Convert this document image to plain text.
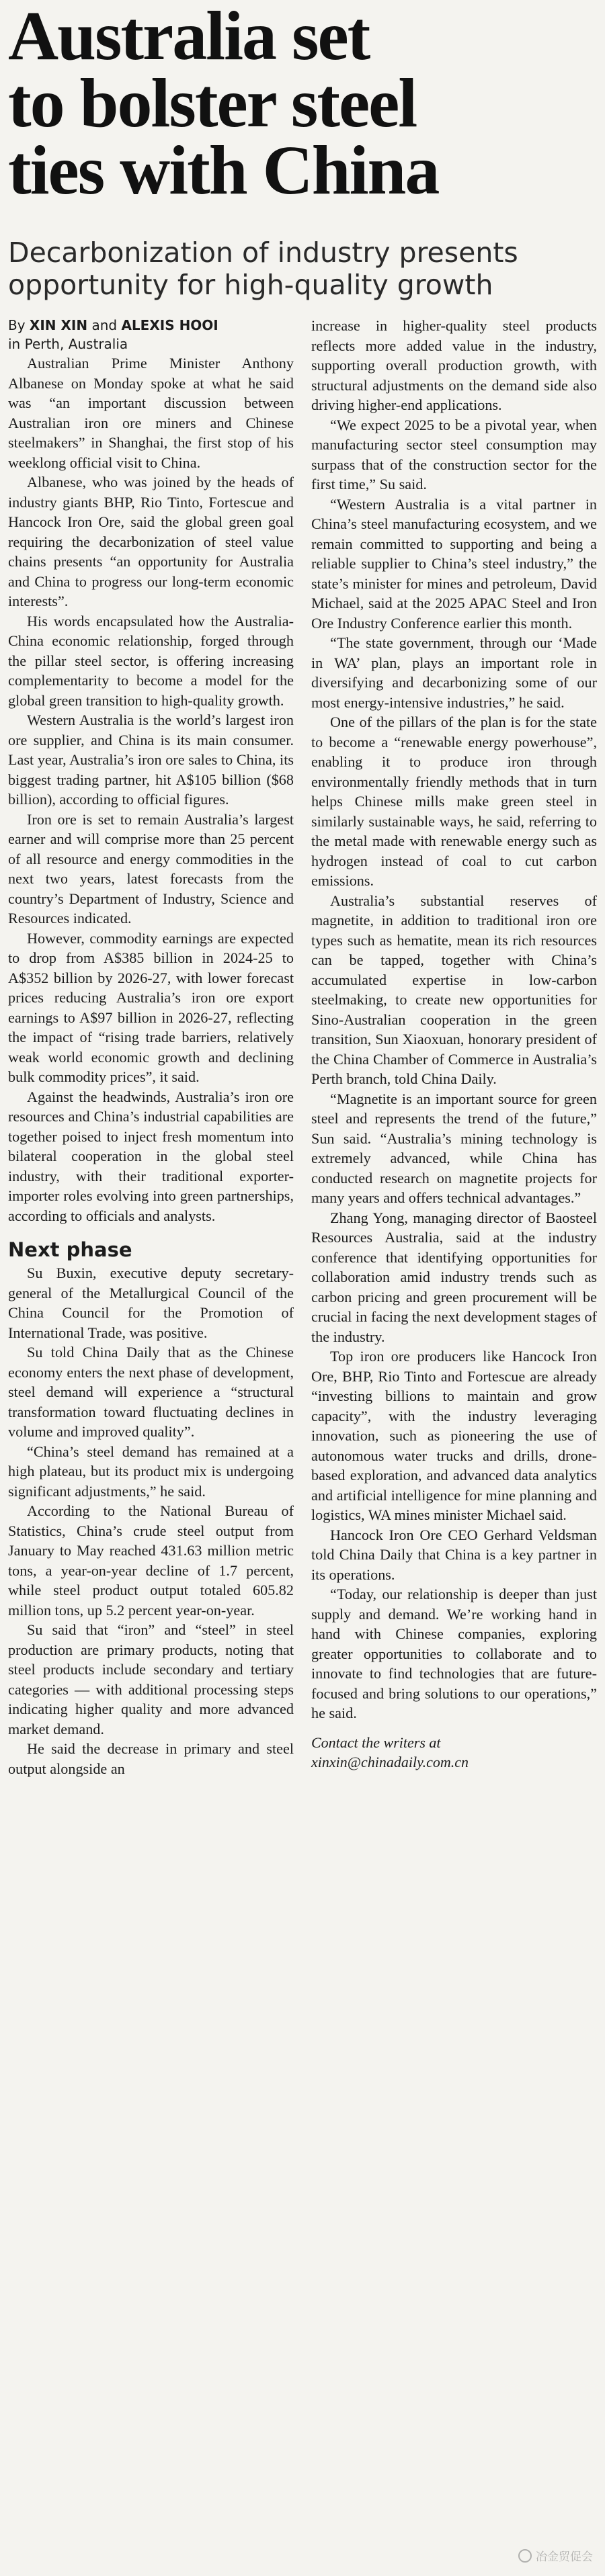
Australia set
to bolster steel
ties with China
Decarbonization of industry presents
opportunity for high-quality growth

By XIN XIN and ALEXIS HOOI

in Perth, Australia

Australian Prime Minister Anthony Albanese on Monday spoke at what he said was “an important discussion between Australian iron ore miners and Chinese steelmakers” in Shanghai, the first stop of his weeklong official visit to China.

Albanese, who was joined by the heads of industry giants BHP, Rio Tinto, Fortescue and Hancock Iron Ore, said the global green goal requiring the decarbonization of steel value chains presents “an opportunity for Australia and China to progress our long-term economic interests”.

His words encapsulated how the Australia-China economic relationship, forged through the pillar steel sector, is offering increasing complementarity to become a model for the global green transition to high-quality growth.

Western Australia is the world’s largest iron ore supplier, and China is its main consumer. Last year, Australia’s iron ore sales to China, its biggest trading partner, hit A$105 billion ($68 billion), according to official figures.

Iron ore is set to remain Australia’s largest earner and will comprise more than 25 percent of all resource and energy commodities in the next two years, latest forecasts from the country’s Department of Industry, Science and Resources indicated.

However, commodity earnings are expected to drop from A$385 billion in 2024-25 to A$352 billion by 2026-27, with lower forecast prices reducing Australia’s iron ore export earnings to A$97 billion in 2026-27, reflecting the impact of “rising trade barriers, relatively weak world economic growth and declining bulk commodity prices”, it said.

Against the headwinds, Australia’s iron ore resources and China’s industrial capabilities are together poised to inject fresh momentum into bilateral cooperation in the global steel industry, with their traditional exporter-importer roles evolving into green partnerships, according to officials and analysts.

Next phase

Su Buxin, executive deputy secretary-general of the Metallurgical Council of the China Council for the Promotion of International Trade, was positive.

Su told China Daily that as the Chinese economy enters the next phase of development, steel demand will experience a “structural transformation toward fluctuating declines in volume and improved quality”.

“China’s steel demand has remained at a high plateau, but its product mix is undergoing significant adjustments,” he said.

According to the National Bureau of Statistics, China’s crude steel output from January to May reached 431.63 million metric tons, a year-on-year decline of 1.7 percent, while steel product output totaled 605.82 million tons, up 5.2 percent year-on-year.

Su said that “iron” and “steel” in steel production are primary products, noting that steel products include secondary and tertiary categories — with additional processing steps indicating higher quality and more advanced market demand.

He said the decrease in primary and steel output alongside an

increase in higher-quality steel products reflects more added value in the industry, supporting overall production growth, with structural adjustments on the demand side also driving higher-end applications.

“We expect 2025 to be a pivotal year, when manufacturing sector steel consumption may surpass that of the construction sector for the first time,” Su said.

“Western Australia is a vital partner in China’s steel manufacturing ecosystem, and we remain committed to supporting and being a reliable supplier to China’s steel industry,” the state’s minister for mines and petroleum, David Michael, said at the 2025 APAC Steel and Iron Ore Industry Conference earlier this month.

“The state government, through our ‘Made in WA’ plan, plays an important role in diversifying and decarbonizing some of our most energy-intensive industries,” he said.

One of the pillars of the plan is for the state to become a “renewable energy powerhouse”, enabling it to produce iron through environmentally friendly methods that in turn helps Chinese mills make green steel in similarly sustainable ways, he said, referring to the metal made with renewable energy such as hydrogen instead of coal to cut carbon emissions.

Australia’s substantial reserves of magnetite, in addition to traditional iron ore types such as hematite, mean its rich resources can be tapped, together with China’s accumulated expertise in low-carbon steelmaking, to create new opportunities for Sino-Australian cooperation in the green transition, Sun Xiaoxuan, honorary president of the China Chamber of Commerce in Australia’s Perth branch, told China Daily.

“Magnetite is an important source for green steel and represents the trend of the future,” Sun said. “Australia’s mining technology is extremely advanced, while China has conducted research on magnetite projects for many years and offers technical advantages.”

Zhang Yong, managing director of Baosteel Resources Australia, said at the industry conference that identifying opportunities for collaboration amid industry trends such as carbon pricing and green procurement will be crucial in facing the next development stages of the industry.

Top iron ore producers like Hancock Iron Ore, BHP, Rio Tinto and Fortescue are already “investing billions to maintain and grow capacity”, with the industry leveraging innovation, such as pioneering the use of autonomous water trucks and drills, drone-based exploration, and advanced data analytics and artificial intelligence for mine planning and logistics, WA mines minister Michael said.

Hancock Iron Ore CEO Gerhard Veldsman told China Daily that China is a key partner in its operations.

“Today, our relationship is deeper than just supply and demand. We’re working hand in hand with Chinese companies, exploring greater opportunities to collaborate and to innovate to find technologies that are future-focused and bring solutions to our operations,” he said.

Contact the writers at
xinxin@chinadaily.com.cn
冶金贸促会
